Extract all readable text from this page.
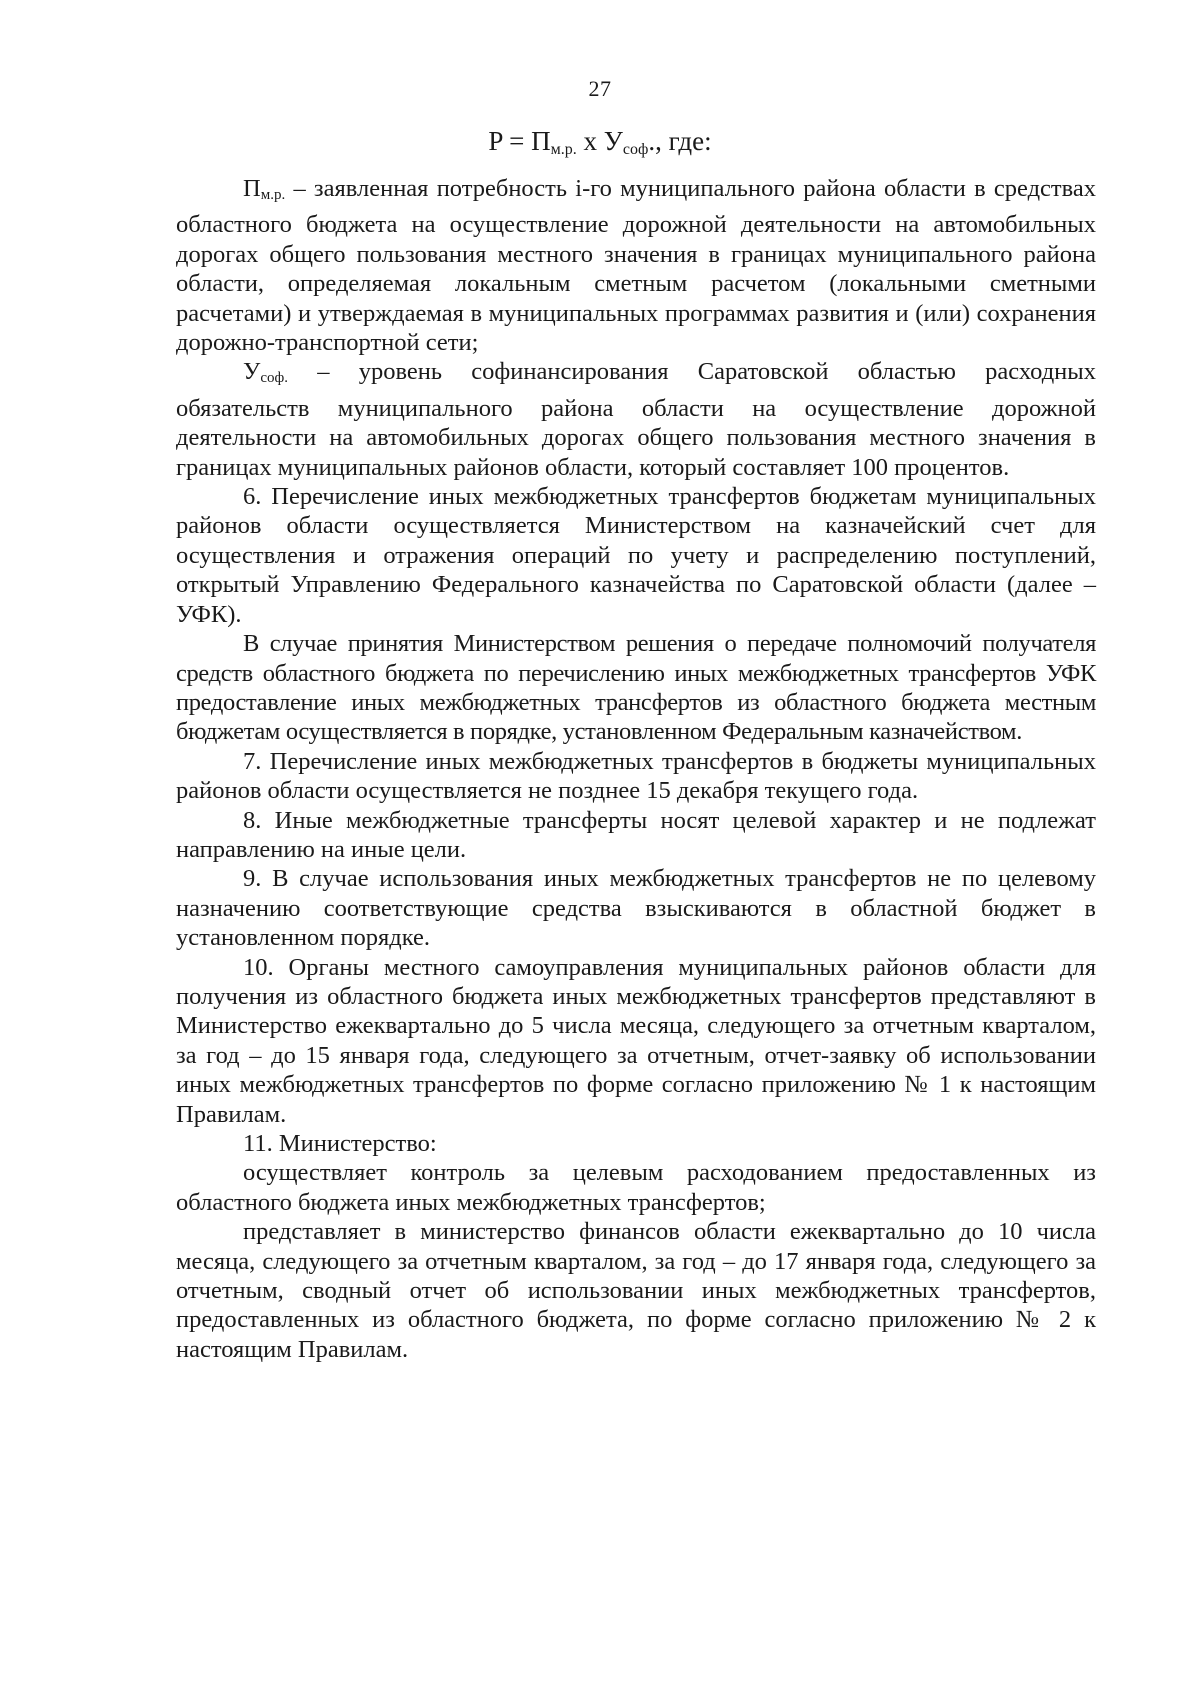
27
$P = П_{м.р.}$ х $У_{соф}$., где:

$П_{м.р.}$ – заявленная потребность i-го муниципального района области в средствах областного бюджета на осуществление дорожной деятельности на автомобильных дорогах общего пользования местного значения в границах муниципального района области, определяемая локальным сметным расчетом (локальными сметными расчетами) и утверждаемая в муниципальных программах развития и (или) сохранения дорожно-транспортной сети;

$У_{соф.}$ – уровень софинансирования Саратовской областью расходных обязательств муниципального района области на осуществление дорожной деятельности на автомобильных дорогах общего пользования местного значения в границах муниципальных районов области, который составляет 100 процентов.

6. Перечисление иных межбюджетных трансфертов бюджетам муниципальных районов области осуществляется Министерством на казначейский счет для осуществления и отражения операций по учету и распределению поступлений, открытый Управлению Федерального казначейства по Саратовской области (далее – УФК).

В случае принятия Министерством решения о передаче полномочий получателя средств областного бюджета по перечислению иных межбюджетных трансфертов УФК предоставление иных межбюджетных трансфертов из областного бюджета местным бюджетам осуществляется в порядке, установленном Федеральным казначейством.

7. Перечисление иных межбюджетных трансфертов в бюджеты муниципальных районов области осуществляется не позднее 15 декабря текущего года.

8. Иные межбюджетные трансферты носят целевой характер и не подлежат направлению на иные цели.

9. В случае использования иных межбюджетных трансфертов не по целевому назначению соответствующие средства взыскиваются в областной бюджет в установленном порядке.

10. Органы местного самоуправления муниципальных районов области для получения из областного бюджета иных межбюджетных трансфертов представляют в Министерство ежеквартально до 5 числа месяца, следующего за отчетным кварталом, за год – до 15 января года, следующего за отчетным, отчет-заявку об использовании иных межбюджетных трансфертов по форме согласно приложению № 1 к настоящим Правилам.

11. Министерство:

осуществляет контроль за целевым расходованием предоставленных из областного бюджета иных межбюджетных трансфертов;

представляет в министерство финансов области ежеквартально до 10 числа месяца, следующего за отчетным кварталом, за год – до 17 января года, следующего за отчетным, сводный отчет об использовании иных межбюджетных трансфертов, предоставленных из областного бюджета, по форме согласно приложению № 2 к настоящим Правилам.
